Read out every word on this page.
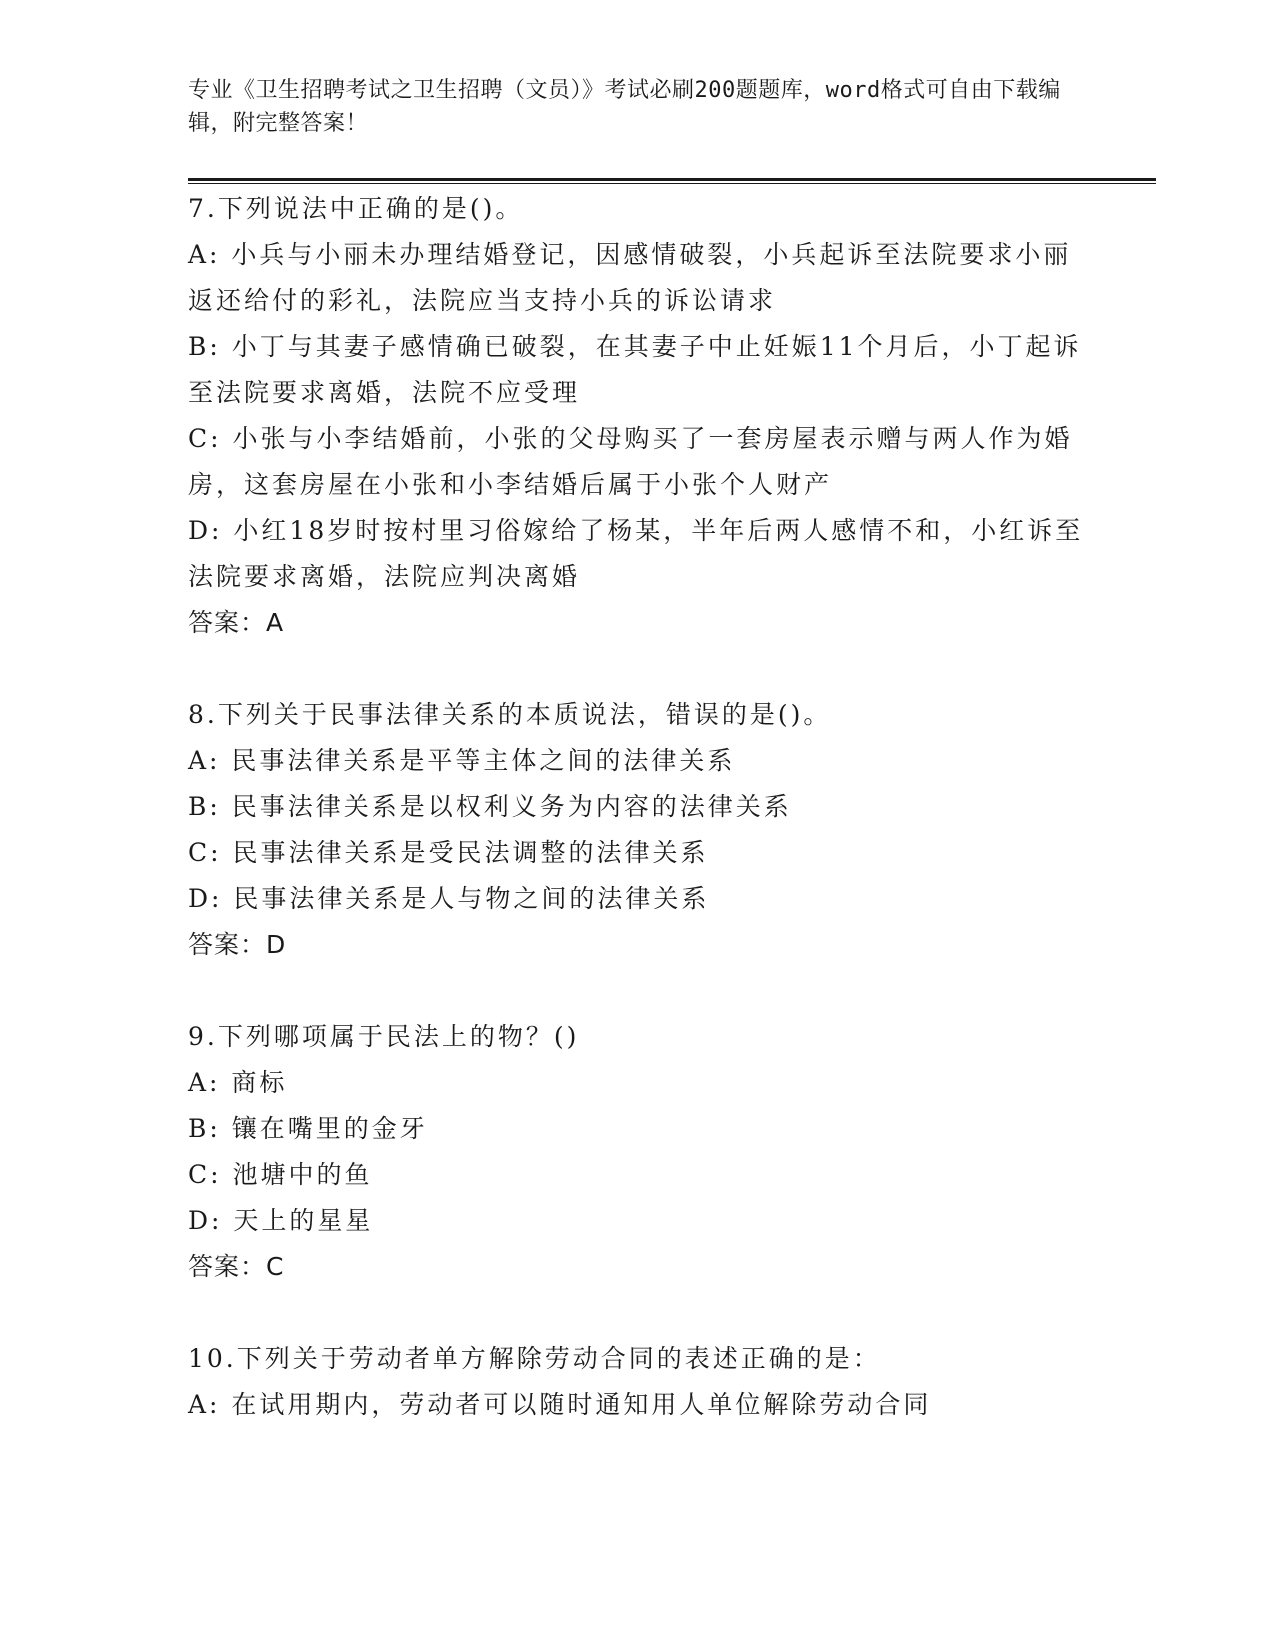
专业《卫生招聘考试之卫生招聘（文员）》考试必刷200题题库，word格式可自由下载编辑，附完整答案！

7.下列说法中正确的是()。

A: 小兵与小丽未办理结婚登记，因感情破裂，小兵起诉至法院要求小丽返还给付的彩礼，法院应当支持小兵的诉讼请求

B: 小丁与其妻子感情确已破裂，在其妻子中止妊娠11个月后，小丁起诉至法院要求离婚，法院不应受理

C: 小张与小李结婚前，小张的父母购买了一套房屋表示赠与两人作为婚房，这套房屋在小张和小李结婚后属于小张个人财产

D: 小红18岁时按村里习俗嫁给了杨某，半年后两人感情不和，小红诉至法院要求离婚，法院应判决离婚

答案：A

8.下列关于民事法律关系的本质说法，错误的是()。

A: 民事法律关系是平等主体之间的法律关系

B: 民事法律关系是以权利义务为内容的法律关系

C: 民事法律关系是受民法调整的法律关系

D: 民事法律关系是人与物之间的法律关系

答案：D

9.下列哪项属于民法上的物？()

A: 商标

B: 镶在嘴里的金牙

C: 池塘中的鱼

D: 天上的星星

答案：C

10.下列关于劳动者单方解除劳动合同的表述正确的是：

A: 在试用期内，劳动者可以随时通知用人单位解除劳动合同
